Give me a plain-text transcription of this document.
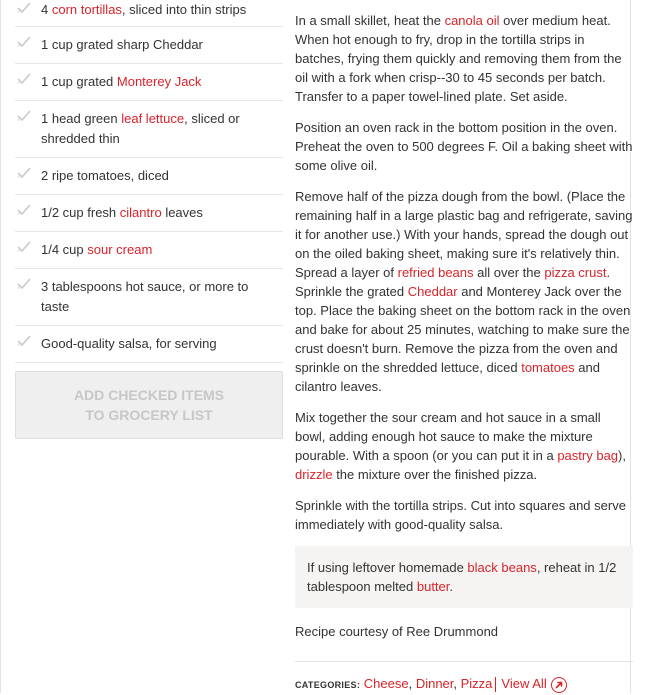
4 corn tortillas, sliced into thin strips
1 cup grated sharp Cheddar
1 cup grated Monterey Jack
1 head green leaf lettuce, sliced or shredded thin
2 ripe tomatoes, diced
1/2 cup fresh cilantro leaves
1/4 cup sour cream
3 tablespoons hot sauce, or more to taste
Good-quality salsa, for serving
ADD CHECKED ITEMS
TO GROCERY LIST

In a small skillet, heat the canola oil over medium heat. When hot enough to fry, drop in the tortilla strips in batches, frying them quickly and removing them from the oil with a fork when crisp--30 to 45 seconds per batch. Transfer to a paper towel-lined plate. Set aside.

Position an oven rack in the bottom position in the oven. Preheat the oven to 500 degrees F. Oil a baking sheet with some olive oil.

Remove half of the pizza dough from the bowl. (Place the remaining half in a large plastic bag and refrigerate, saving it for another use.) With your hands, spread the dough out on the oiled baking sheet, making sure it's relatively thin. Spread a layer of refried beans all over the pizza crust. Sprinkle the grated Cheddar and Monterey Jack over the top. Place the baking sheet on the bottom rack in the oven and bake for about 25 minutes, watching to make sure the crust doesn't burn. Remove the pizza from the oven and sprinkle on the shredded lettuce, diced tomatoes and cilantro leaves.

Mix together the sour cream and hot sauce in a small bowl, adding enough hot sauce to make the mixture pourable. With a spoon (or you can put it in a pastry bag), drizzle the mixture over the finished pizza.

Sprinkle with the tortilla strips. Cut into squares and serve immediately with good-quality salsa.

If using leftover homemade black beans, reheat in 1/2 tablespoon melted butter.

Recipe courtesy of Ree Drummond

CATEGORIES: Cheese, Dinner, Pizza View All
